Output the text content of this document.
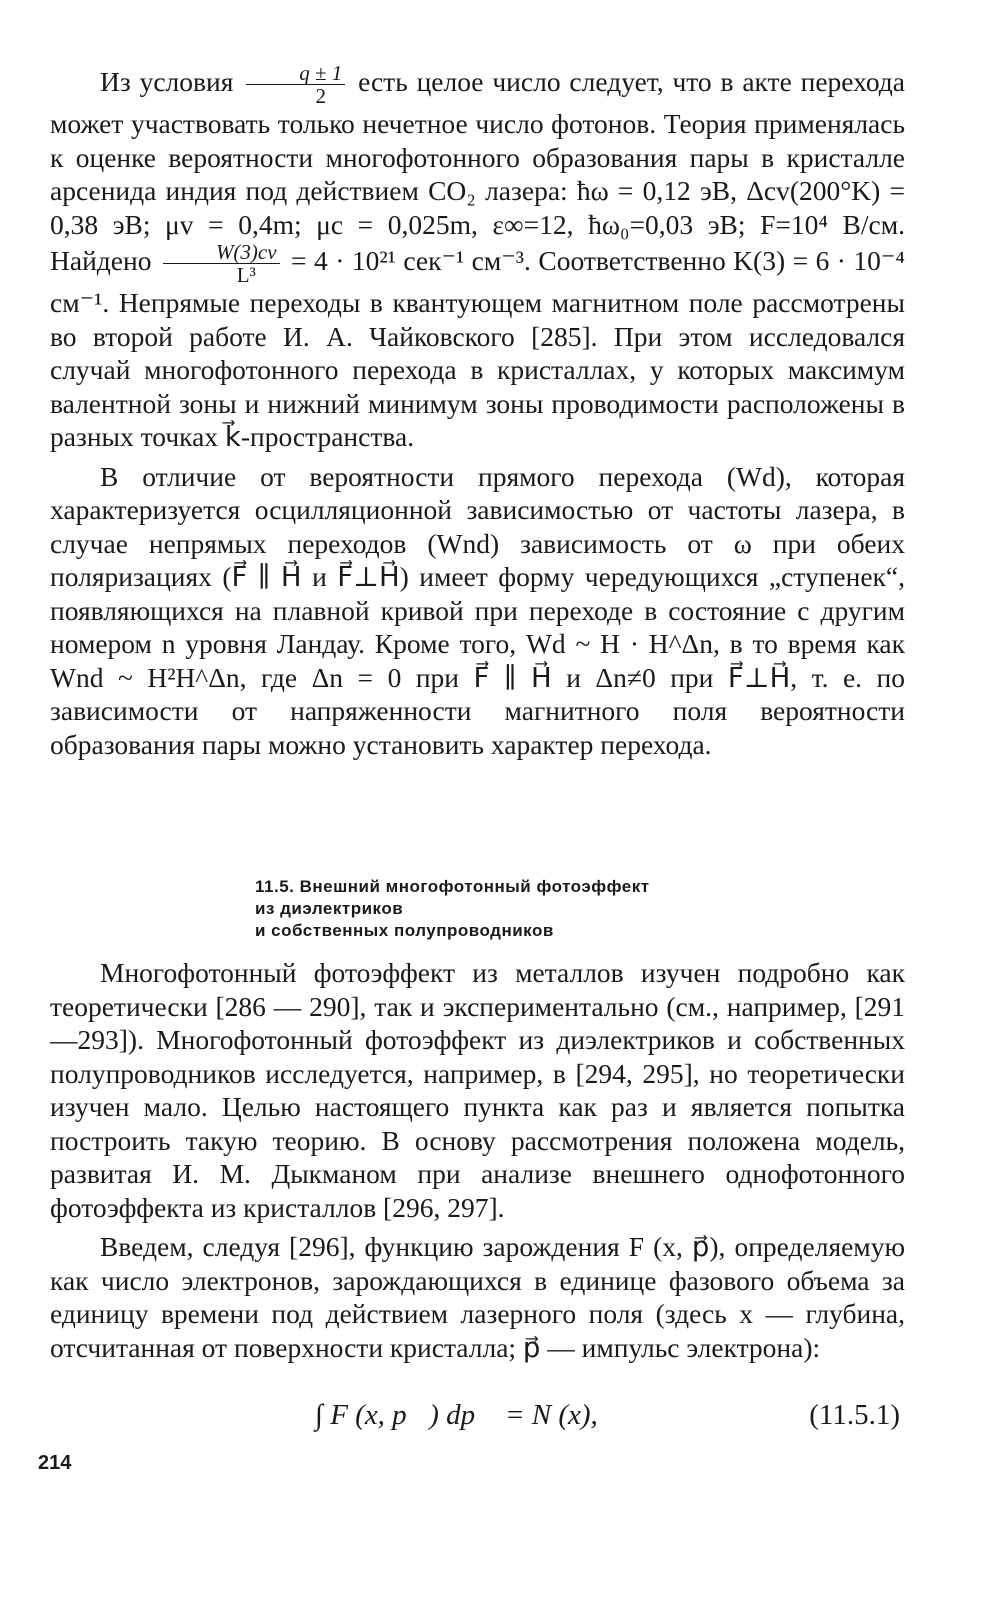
Из условия $\frac{q \pm 1}{2}$ есть целое число следует, что в акте перехода может участвовать только нечетное число фотонов. Теория применялась к оценке вероятности многофотонного образования пары в кристалле арсенида индия под действием CO₂ лазера: ħω = 0,12 эВ, Δcv(200°K) = 0,38 эВ; μv = 0,4m; μc = 0,025m, ε∞=12, ħω₀=0,03 эВ; F=10⁴ В/см. Найдено $\frac{W(3)cv}{\text{L³}} = 4 \cdot 10^{21}$ сек⁻¹ см⁻³. Соответственно K(3) = 6 · 10⁻⁴ см⁻¹. Непрямые переходы в квантующем магнитном поле рассмотрены во второй работе И. А. Чайковского [285]. При этом исследовался случай многофотонного перехода в кристаллах, у которых максимум валентной зоны и нижний минимум зоны проводимости расположены в разных точках k⃗-пространства.

В отличие от вероятности прямого перехода (Wd), которая характеризуется осцилляционной зависимостью от частоты лазера, в случае непрямых переходов (Wnd) зависимость от ω при обеих поляризациях (F⃗ ∥ H⃗ и F⃗⊥H⃗) имеет форму чередующихся „ступенек“, появляющихся на плавной кривой при переходе в состояние с другим номером n уровня Ландау. Кроме того, Wd ~ H · H^Δn, в то время как Wnd ~ H²H^Δn, где Δn = 0 при F⃗ ∥ H⃗ и Δn≠0 при F⃗⊥H⃗, т. е. по зависимости от напряженности магнитного поля вероятности образования пары можно установить характер перехода.

11.5. Внешний многофотонный фотоэффект
из диэлектриков
и собственных полупроводников

Многофотонный фотоэффект из металлов изучен подробно как теоретически [286 — 290], так и экспериментально (см., например, [291—293]). Многофотонный фотоэффект из диэлектриков и собственных полупроводников исследуется, например, в [294, 295], но теоретически изучен мало. Целью настоящего пункта как раз и является попытка построить такую теорию. В основу рассмотрения положена модель, развитая И. М. Дыкманом при анализе внешнего однофотонного фотоэффекта из кристаллов [296, 297].

Введем, следуя [296], функцию зарождения F (x, p⃗), определяемую как число электронов, зарождающихся в единице фазового объема за единицу времени под действием лазерного поля (здесь x — глубина, отсчитанная от поверхности кристалла; p⃗ — импульс электрона):

∫ F (x, p⃗) dp⃗ = N (x),	(11.5.1)
214
